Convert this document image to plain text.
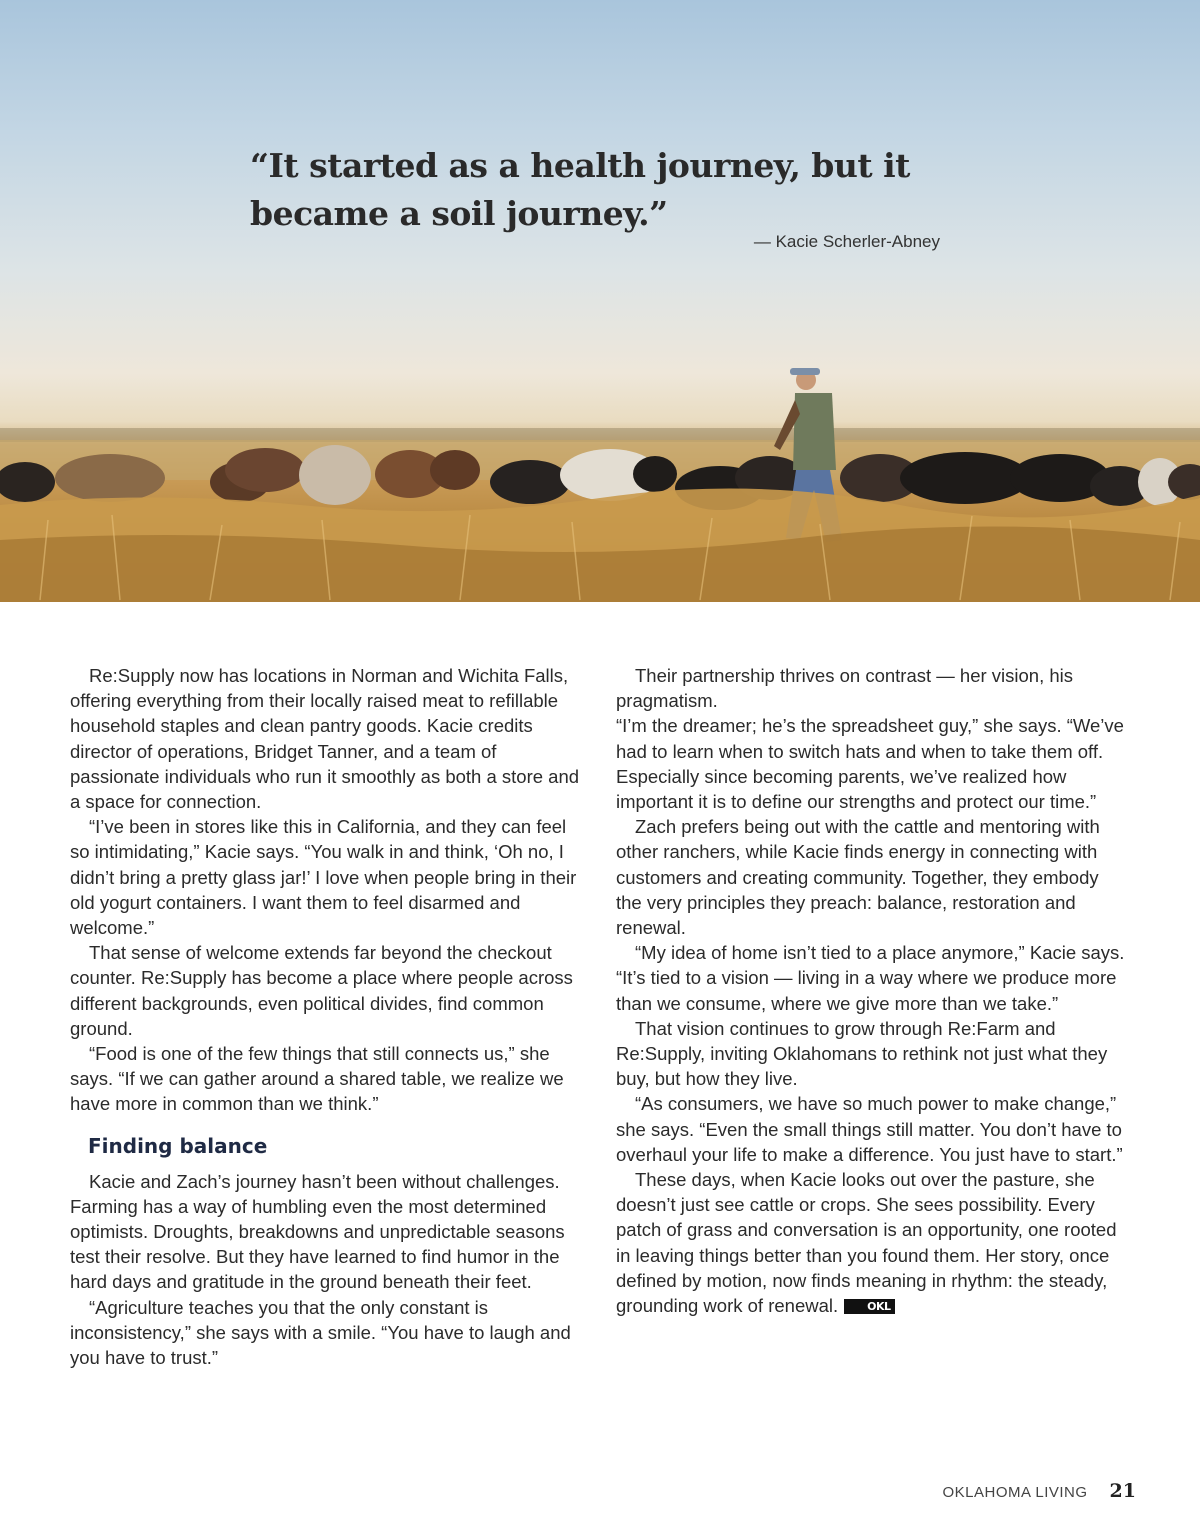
“It started as a health journey, but it became a soil journey.”
— Kacie Scherler-Abney

Re:Supply now has locations in Norman and Wichita Falls, offering everything from their locally raised meat to refillable household staples and clean pantry goods. Kacie credits director of operations, Bridget Tanner, and a team of passionate individuals who run it smoothly as both a store and a space for connection.

“I’ve been in stores like this in California, and they can feel so intimidating,” Kacie says. “You walk in and think, ‘Oh no, I didn’t bring a pretty glass jar!’ I love when people bring in their old yogurt containers. I want them to feel disarmed and welcome.”

That sense of welcome extends far beyond the checkout counter. Re:Supply has become a place where people across different backgrounds, even political divides, find common ground.

“Food is one of the few things that still connects us,” she says. “If we can gather around a shared table, we realize we have more in common than we think.”

Finding balance

Kacie and Zach’s journey hasn’t been without challenges. Farming has a way of humbling even the most determined optimists. Droughts, breakdowns and unpredictable seasons test their resolve. But they have learned to find humor in the hard days and gratitude in the ground beneath their feet.

“Agriculture teaches you that the only constant is inconsistency,” she says with a smile. “You have to laugh and you have to trust.”

Their partnership thrives on contrast — her vision, his pragmatism.

“I’m the dreamer; he’s the spreadsheet guy,” she says. “We’ve had to learn when to switch hats and when to take them off. Especially since becoming parents, we’ve realized how important it is to define our strengths and protect our time.”

Zach prefers being out with the cattle and mentoring with other ranchers, while Kacie finds energy in connecting with customers and creating community. Together, they embody the very principles they preach: balance, restoration and renewal.

“My idea of home isn’t tied to a place anymore,” Kacie says. “It’s tied to a vision — living in a way where we produce more than we consume, where we give more than we take.”

That vision continues to grow through Re:Farm and Re:Supply, inviting Oklahomans to rethink not just what they buy, but how they live.

“As consumers, we have so much power to make change,” she says. “Even the small things still matter. You don’t have to overhaul your life to make a difference. You just have to start.”

These days, when Kacie looks out over the pasture, she doesn’t just see cattle or crops. She sees possibility. Every patch of grass and conversation is an opportunity, one rooted in leaving things better than you found them. Her story, once defined by motion, now finds meaning in rhythm: the steady, grounding work of renewal.	OKL

OKLAHOMA LIVING 21
